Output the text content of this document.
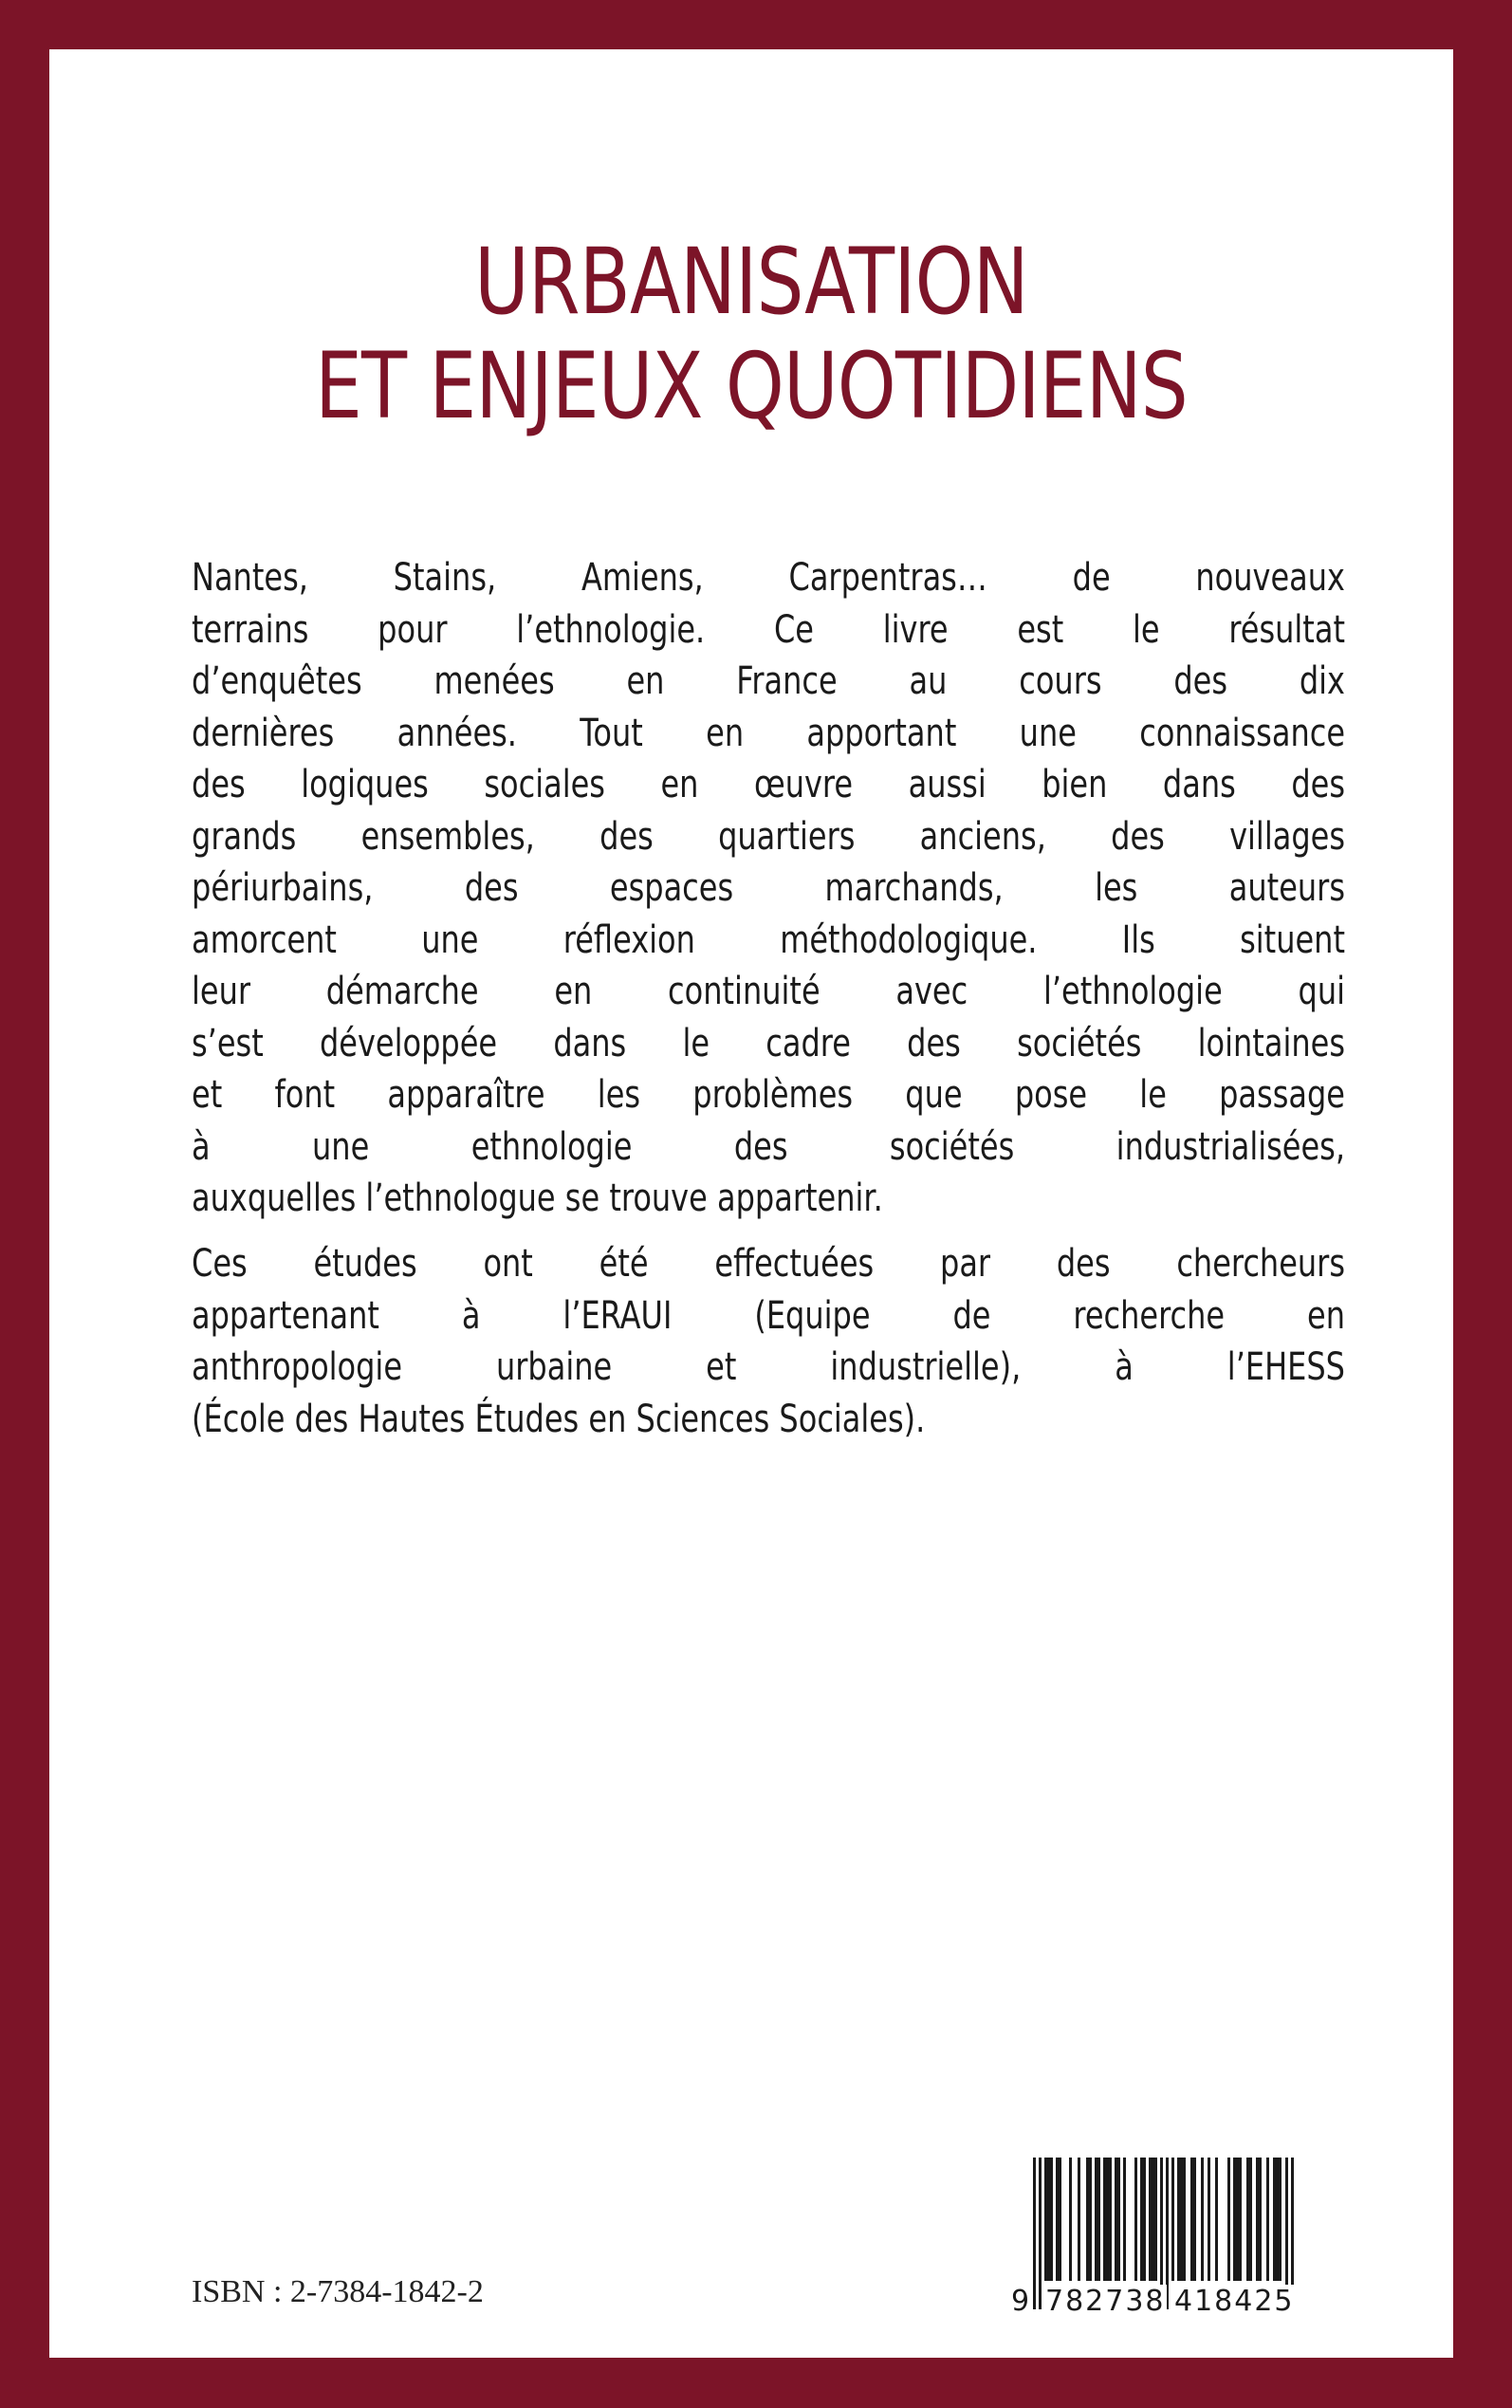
URBANISATION
ET ENJEUX QUOTIDIENS
Nantes, Stains, Amiens, Carpentras… de nouveaux
terrains pour l’ethnologie. Ce livre est le résultat
d’enquêtes menées en France au cours des dix
dernières années. Tout en apportant une connaissance
des logiques sociales en œuvre aussi bien dans des
grands ensembles, des quartiers anciens, des villages
périurbains, des espaces marchands, les auteurs
amorcent une réflexion méthodologique. Ils situent
leur démarche en continuité avec l’ethnologie qui
s’est développée dans le cadre des sociétés lointaines
et font apparaître les problèmes que pose le passage
à une ethnologie des sociétés industrialisées,
auxquelles l’ethnologue se trouve appartenir.
Ces études ont été effectuées par des chercheurs
appartenant à l’ERAUI (Equipe de recherche en
anthropologie urbaine et industrielle), à l’EHESS
(École des Hautes Études en Sciences Sociales).
ISBN : 2-7384-1842-2	9 782738 418425
